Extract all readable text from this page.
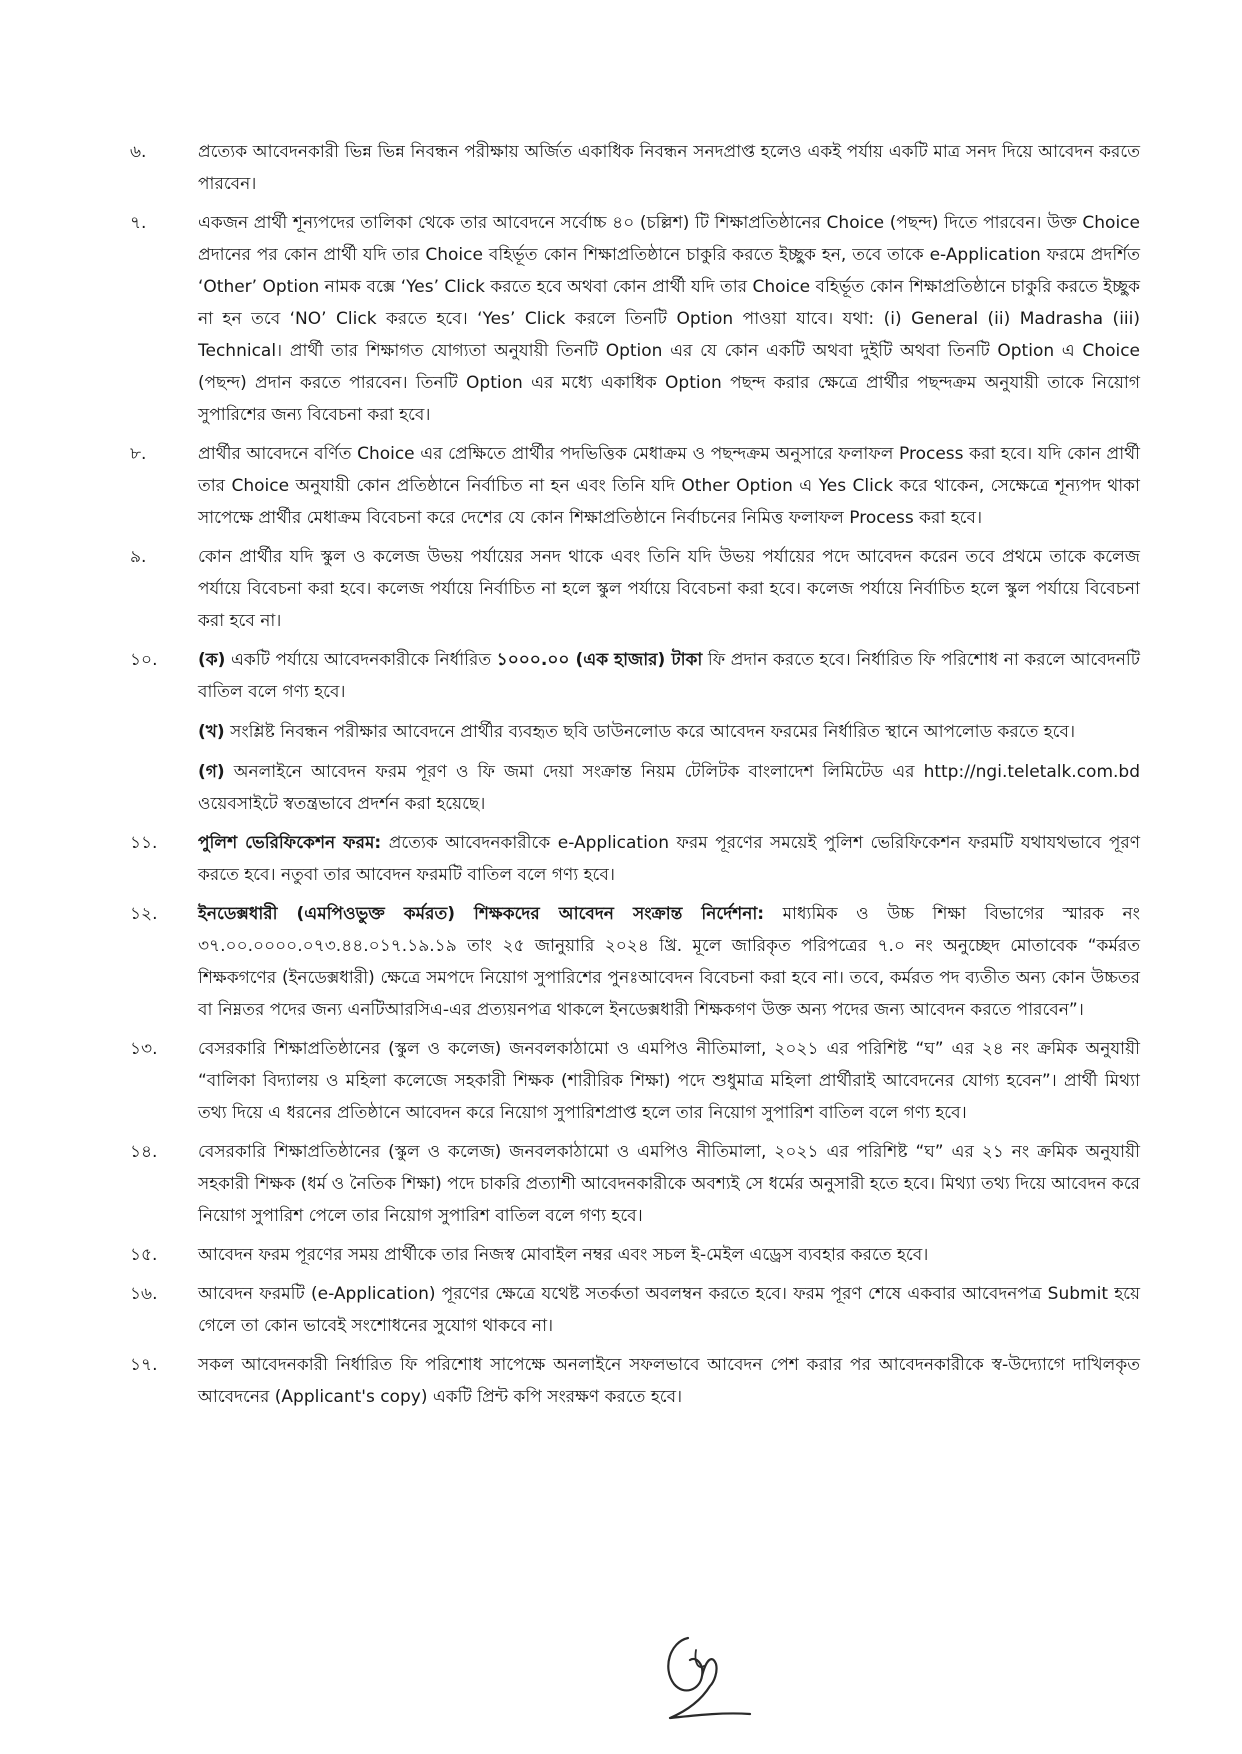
৬.	প্রত্যেক আবেদনকারী ভিন্ন ভিন্ন নিবন্ধন পরীক্ষায় অর্জিত একাধিক নিবন্ধন সনদপ্রাপ্ত হলেও একই পর্যায় একটি মাত্র সনদ দিয়ে আবেদন করতে পারবেন।

৭.	একজন প্রার্থী শূন্যপদের তালিকা থেকে তার আবেদনে সর্বোচ্চ ৪০ (চল্লিশ) টি শিক্ষাপ্রতিষ্ঠানের Choice (পছন্দ) দিতে পারবেন। উক্ত Choice প্রদানের পর কোন প্রার্থী যদি তার Choice বহির্ভূত কোন শিক্ষাপ্রতিষ্ঠানে চাকুরি করতে ইচ্ছুক হন, তবে তাকে e-Application ফরমে প্রদর্শিত ‘Other’ Option নামক বক্সে ‘Yes’ Click করতে হবে অথবা কোন প্রার্থী যদি তার Choice বহির্ভূত কোন শিক্ষাপ্রতিষ্ঠানে চাকুরি করতে ইচ্ছুক না হন তবে ‘NO’ Click করতে হবে। ‘Yes’ Click করলে তিনটি Option পাওয়া যাবে। যথা: (i) General (ii) Madrasha (iii) Technical। প্রার্থী তার শিক্ষাগত যোগ্যতা অনুযায়ী তিনটি Option এর যে কোন একটি অথবা দুইটি অথবা তিনটি Option এ Choice (পছন্দ) প্রদান করতে পারবেন। তিনটি Option এর মধ্যে একাধিক Option পছন্দ করার ক্ষেত্রে প্রার্থীর পছন্দক্রম অনুযায়ী তাকে নিয়োগ সুপারিশের জন্য বিবেচনা করা হবে।

৮.	প্রার্থীর আবেদনে বর্ণিত Choice এর প্রেক্ষিতে প্রার্থীর পদভিত্তিক মেধাক্রম ও পছন্দক্রম অনুসারে ফলাফল Process করা হবে। যদি কোন প্রার্থী তার Choice অনুযায়ী কোন প্রতিষ্ঠানে নির্বাচিত না হন এবং তিনি যদি Other Option এ Yes Click করে থাকেন, সেক্ষেত্রে শূন্যপদ থাকা সাপেক্ষে প্রার্থীর মেধাক্রম বিবেচনা করে দেশের যে কোন শিক্ষাপ্রতিষ্ঠানে নির্বাচনের নিমিত্ত ফলাফল Process করা হবে।

৯.	কোন প্রার্থীর যদি স্কুল ও কলেজ উভয় পর্যায়ের সনদ থাকে এবং তিনি যদি উভয় পর্যায়ের পদে আবেদন করেন তবে প্রথমে তাকে কলেজ পর্যায়ে বিবেচনা করা হবে। কলেজ পর্যায়ে নির্বাচিত না হলে স্কুল পর্যায়ে বিবেচনা করা হবে। কলেজ পর্যায়ে নির্বাচিত হলে স্কুল পর্যায়ে বিবেচনা করা হবে না।

১০.	(ক) একটি পর্যায়ে আবেদনকারীকে নির্ধারিত ১০০০.০০ (এক হাজার) টাকা ফি প্রদান করতে হবে। নির্ধারিত ফি পরিশোধ না করলে আবেদনটি বাতিল বলে গণ্য হবে।

(খ) সংশ্লিষ্ট নিবন্ধন পরীক্ষার আবেদনে প্রার্থীর ব্যবহৃত ছবি ডাউনলোড করে আবেদন ফরমের নির্ধারিত স্থানে আপলোড করতে হবে।

(গ) অনলাইনে আবেদন ফরম পূরণ ও ফি জমা দেয়া সংক্রান্ত নিয়ম টেলিটক বাংলাদেশ লিমিটেড এর http://ngi.teletalk.com.bd ওয়েবসাইটে স্বতন্ত্রভাবে প্রদর্শন করা হয়েছে।

১১.	পুলিশ ভেরিফিকেশন ফরম: প্রত্যেক আবেদনকারীকে e-Application ফরম পূরণের সময়েই পুলিশ ভেরিফিকেশন ফরমটি যথাযথভাবে পূরণ করতে হবে। নতুবা তার আবেদন ফরমটি বাতিল বলে গণ্য হবে।

১২.	ইনডেক্সধারী (এমপিওভুক্ত কর্মরত) শিক্ষকদের আবেদন সংক্রান্ত নির্দেশনা: মাধ্যমিক ও উচ্চ শিক্ষা বিভাগের স্মারক নং ৩৭.০০.০০০০.০৭৩.৪৪.০১৭.১৯.১৯ তাং ২৫ জানুয়ারি ২০২৪ খ্রি. মূলে জারিকৃত পরিপত্রের ৭.০ নং অনুচ্ছেদ মোতাবেক “কর্মরত শিক্ষকগণের (ইনডেক্সধারী) ক্ষেত্রে সমপদে নিয়োগ সুপারিশের পুনঃআবেদন বিবেচনা করা হবে না। তবে, কর্মরত পদ ব্যতীত অন্য কোন উচ্চতর বা নিম্নতর পদের জন্য এনটিআরসিএ-এর প্রত্যয়নপত্র থাকলে ইনডেক্সধারী শিক্ষকগণ উক্ত অন্য পদের জন্য আবেদন করতে পারবেন”।

১৩.	বেসরকারি শিক্ষাপ্রতিষ্ঠানের (স্কুল ও কলেজ) জনবলকাঠামো ও এমপিও নীতিমালা, ২০২১ এর পরিশিষ্ট “ঘ” এর ২৪ নং ক্রমিক অনুযায়ী “বালিকা বিদ্যালয় ও মহিলা কলেজে সহকারী শিক্ষক (শারীরিক শিক্ষা) পদে শুধুমাত্র মহিলা প্রার্থীরাই আবেদনের যোগ্য হবেন”। প্রার্থী মিথ্যা তথ্য দিয়ে এ ধরনের প্রতিষ্ঠানে আবেদন করে নিয়োগ সুপারিশপ্রাপ্ত হলে তার নিয়োগ সুপারিশ বাতিল বলে গণ্য হবে।

১৪.	বেসরকারি শিক্ষাপ্রতিষ্ঠানের (স্কুল ও কলেজ) জনবলকাঠামো ও এমপিও নীতিমালা, ২০২১ এর পরিশিষ্ট “ঘ” এর ২১ নং ক্রমিক অনুযায়ী সহকারী শিক্ষক (ধর্ম ও নৈতিক শিক্ষা) পদে চাকরি প্রত্যাশী আবেদনকারীকে অবশ্যই সে ধর্মের অনুসারী হতে হবে। মিথ্যা তথ্য দিয়ে আবেদন করে নিয়োগ সুপারিশ পেলে তার নিয়োগ সুপারিশ বাতিল বলে গণ্য হবে।

১৫.	আবেদন ফরম পূরণের সময় প্রার্থীকে তার নিজস্ব মোবাইল নম্বর এবং সচল ই-মেইল এড্রেস ব্যবহার করতে হবে।

১৬.	আবেদন ফরমটি (e-Application) পূরণের ক্ষেত্রে যথেষ্ট সতর্কতা অবলম্বন করতে হবে। ফরম পূরণ শেষে একবার আবেদনপত্র Submit হয়ে গেলে তা কোন ভাবেই সংশোধনের সুযোগ থাকবে না।

১৭.	সকল আবেদনকারী নির্ধারিত ফি পরিশোধ সাপেক্ষে অনলাইনে সফলভাবে আবেদন পেশ করার পর আবেদনকারীকে স্ব-উদ্যোগে দাখিলকৃত আবেদনের (Applicant's copy) একটি প্রিন্ট কপি সংরক্ষণ করতে হবে।
